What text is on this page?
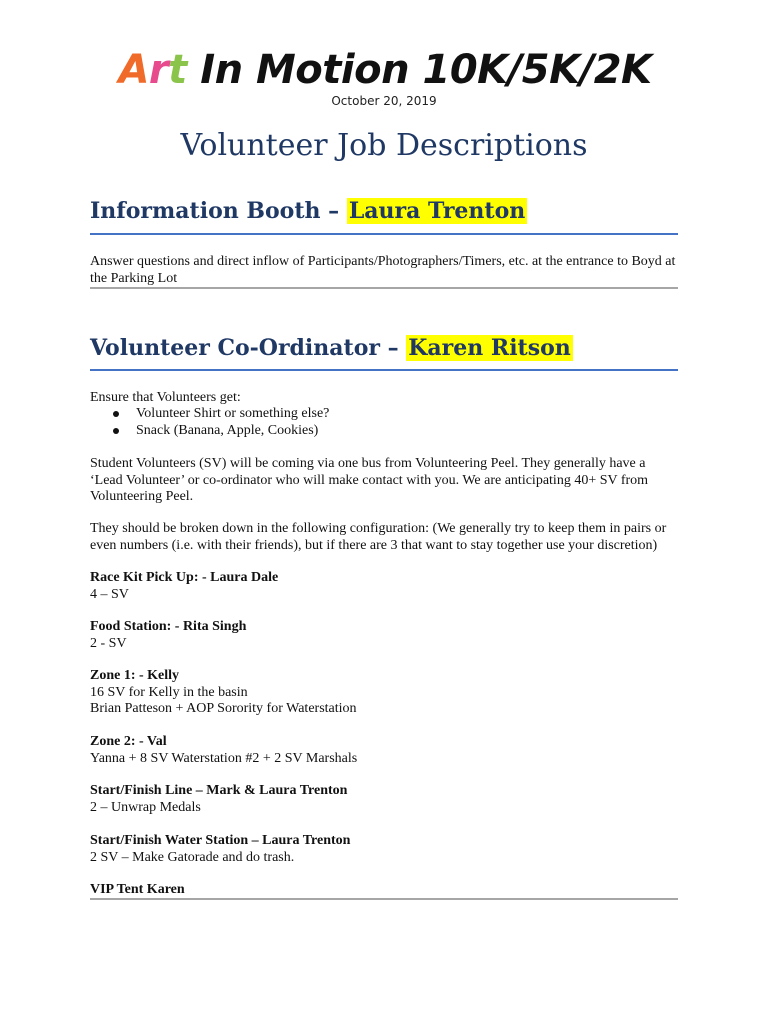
Art In Motion 10K/5K/2K
October 20, 2019
Volunteer Job Descriptions
Information Booth – Laura Trenton
Answer questions and direct inflow of Participants/Photographers/Timers, etc. at the entrance to Boyd at the Parking Lot
Volunteer Co-Ordinator – Karen Ritson
Ensure that Volunteers get:
Volunteer Shirt or something else?
Snack (Banana, Apple, Cookies)
Student Volunteers (SV) will be coming via one bus from Volunteering Peel. They generally have a ‘Lead Volunteer’ or co-ordinator who will make contact with you. We are anticipating 40+ SV from Volunteering Peel.
They should be broken down in the following configuration: (We generally try to keep them in pairs or even numbers (i.e. with their friends), but if there are 3 that want to stay together use your discretion)
Race Kit Pick Up: - Laura Dale
4 – SV
Food Station: - Rita Singh
2 - SV
Zone 1: - Kelly
16 SV for Kelly in the basin
Brian Patteson + AOP Sorority for Waterstation
Zone 2: - Val
Yanna + 8 SV Waterstation #2 + 2 SV Marshals
Start/Finish Line – Mark & Laura Trenton
2 – Unwrap Medals
Start/Finish Water Station – Laura Trenton
2 SV – Make Gatorade and do trash.
VIP Tent Karen
